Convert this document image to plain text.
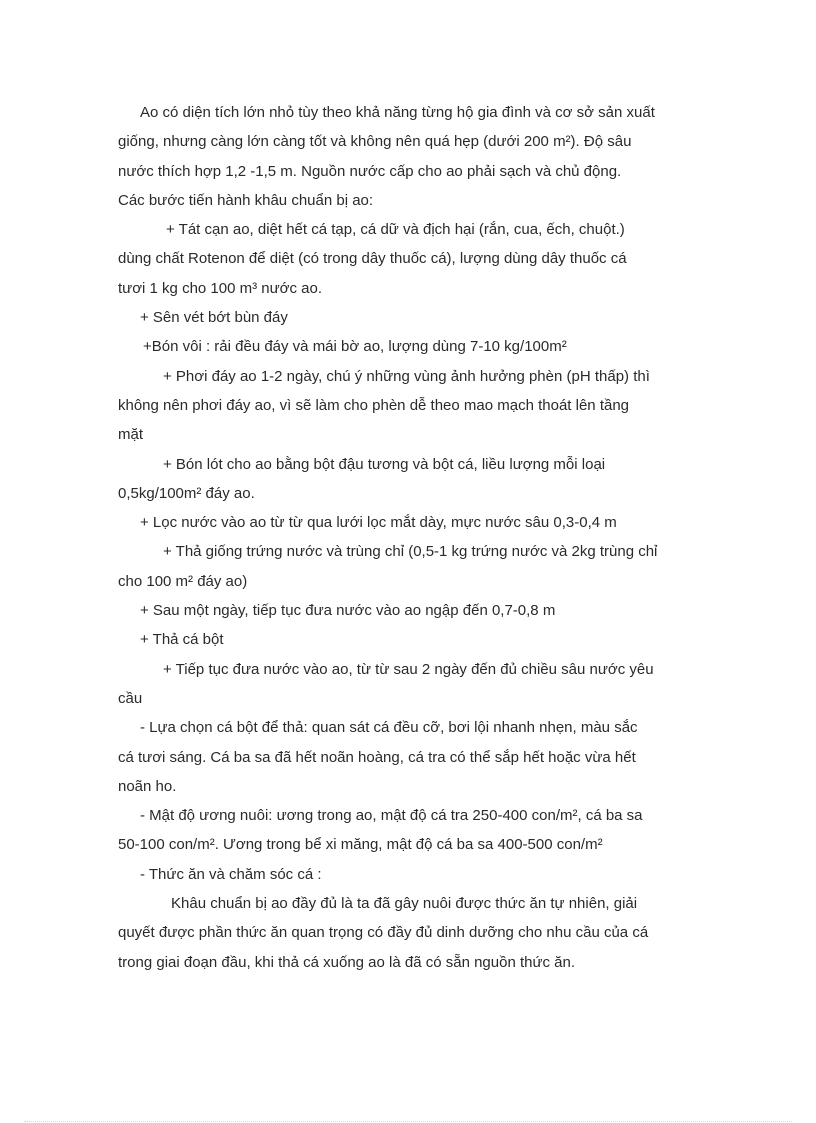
Ao có diện tích lớn nhỏ tùy theo khả năng từng hộ gia đình và cơ sở sản xuất
giống, nhưng càng lớn càng tốt và không nên quá hẹp (dưới 200 m²). Độ sâu
nước thích hợp 1,2 -1,5 m. Nguồn nước cấp cho ao phải sạch và chủ động.
Các bước tiến hành khâu chuẩn bị ao:
+ Tát cạn ao, diệt hết cá tạp, cá dữ và địch hại (rắn, cua, ếch, chuột.)
dùng chất Rotenon để diệt (có trong dây thuốc cá), lượng dùng dây thuốc cá
tươi 1 kg cho 100 m³ nước ao.
+ Sên vét bớt bùn đáy
+Bón vôi : rải đều đáy và mái bờ ao, lượng dùng 7-10 kg/100m²
+ Phơi đáy ao 1-2 ngày, chú ý những vùng ảnh hưởng phèn (pH thấp) thì
không nên phơi đáy ao, vì sẽ làm cho phèn dễ theo mao mạch thoát lên tầng
mặt
+ Bón lót cho ao bằng bột đậu tương và bột cá, liều lượng mỗi loại
0,5kg/100m² đáy ao.
+ Lọc nước vào ao từ từ qua lưới lọc mắt dày, mực nước sâu 0,3-0,4 m
+ Thả giống trứng nước và trùng chỉ (0,5-1 kg trứng nước và 2kg trùng chỉ
cho 100 m² đáy ao)
+ Sau một ngày, tiếp tục đưa nước vào ao ngập đến 0,7-0,8 m
+ Thả cá bột
+ Tiếp tục đưa nước vào ao, từ từ sau 2 ngày đến đủ chiều sâu nước yêu
cầu
- Lựa chọn cá bột để thả: quan sát cá đều cỡ, bơi lội nhanh nhẹn, màu sắc
cá tươi sáng. Cá ba sa đã hết noãn hoàng, cá tra có thể sắp hết hoặc vừa hết
noãn ho.
- Mật độ ương nuôi: ương trong ao, mật độ cá tra 250-400 con/m², cá ba sa
50-100 con/m². Ương trong bể xi măng, mật độ cá ba sa 400-500 con/m²
- Thức ăn và chăm sóc cá :
Khâu chuẩn bị ao đầy đủ là ta đã gây nuôi được thức ăn tự nhiên, giải
quyết được phần thức ăn quan trọng có đầy đủ dinh dưỡng cho nhu cầu của cá
trong giai đoạn đầu, khi thả cá xuống ao là đã có sẵn nguồn thức ăn.
